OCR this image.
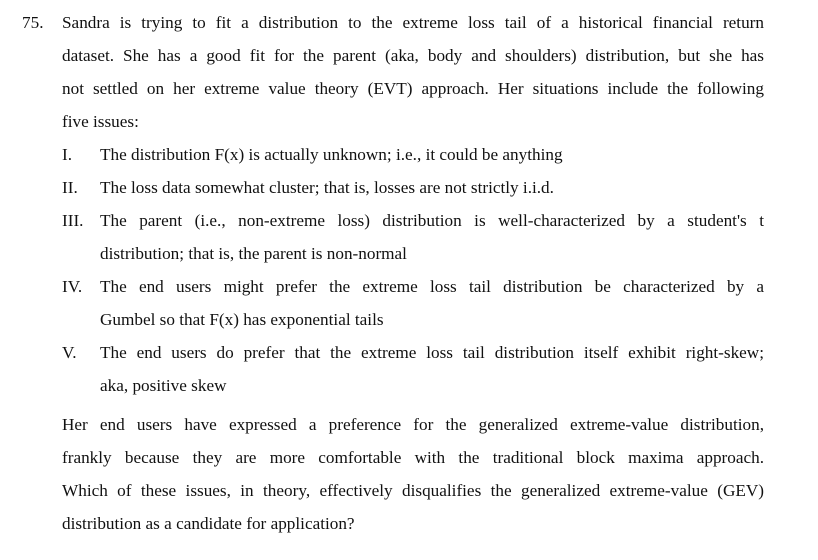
75.	Sandra is trying to fit a distribution to the extreme loss tail of a historical financial return
dataset. She has a good fit for the parent (aka, body and shoulders) distribution, but she has
not settled on her extreme value theory (EVT) approach. Her situations include the following
five issues:
I.	The distribution F(x) is actually unknown; i.e., it could be anything
II.	The loss data somewhat cluster; that is, losses are not strictly i.i.d.
III. The parent (i.e., non-extreme loss) distribution is well-characterized by a student's t
distribution; that is, the parent is non-normal
IV.	The end users might prefer the extreme loss tail distribution be characterized by a
Gumbel so that F(x) has exponential tails
V.	The end users do prefer that the extreme loss tail distribution itself exhibit right-skew;
aka, positive skew
Her end users have expressed a preference for the generalized extreme-value distribution,
frankly because they are more comfortable with the traditional block maxima approach.
Which of these issues, in theory, effectively disqualifies the generalized extreme-value (GEV)
distribution as a candidate for application?
